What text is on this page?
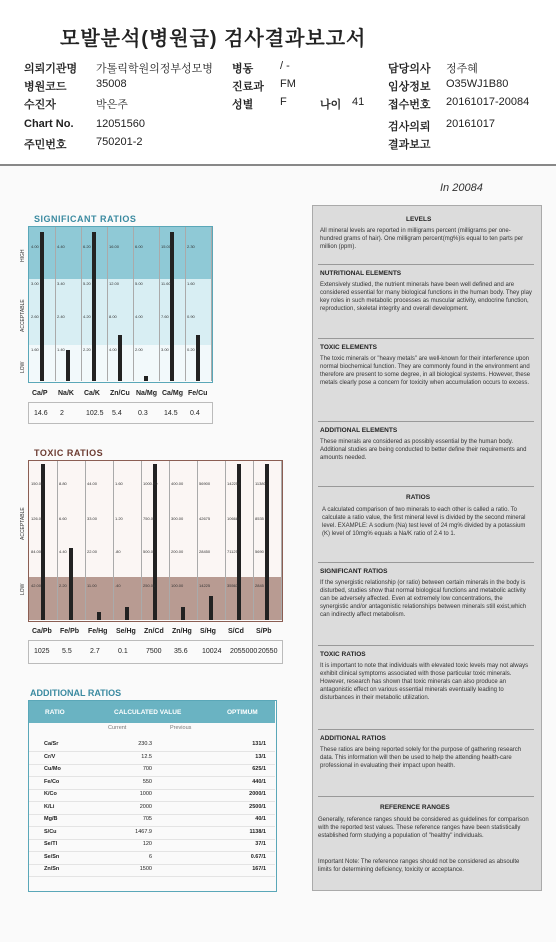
모발분석(병원급) 검사결과보고서
의뢰기관명 가톨릭학원의정부성모병 병동 / -	담당의사 정주혜
병원코드	35008	진료과 FM	임상정보 O35WJ1B80
수진자	박은주	성별 F	나이 41 접수번호 20161017-20084
Chart No. 12051560	검사의뢰 20161017
주민번호	750201-2	결과보고
In 20084
SIGNIFICANT RATIOS
HIGH
ACCEPTABLE
LOW
4.00
3.00
2.60
1.60
Ca/P
14.6
4.40
3.40
2.40
1.40
Na/K
2
6.20
5.20
4.20
2.20
Ca/K
102.5
16.00
12.00
8.00
4.00
Zn/Cu
5.4
6.00
5.00
4.00
2.00
Na/Mg
0.3
15.00
11.60
7.60
3.00
Ca/Mg
14.5
2.30
1.60
0.90
0.20
Fe/Cu
0.4
TOXIC RATIOS
ACCEPTABLE
LOW
150.00
126.00
84.00
42.00
Ca/Pb
1025
8.80
6.60
4.40
2.20
Fe/Pb
5.5
44.00
33.00
22.00
11.00
Fe/Hg
2.7
1.60
1.20
.80
.40
Se/Hg
0.1
1000.00
750.00
500.00
250.00
Zn/Cd
7500
400.00
300.00
200.00
100.00
Zn/Hg
35.6
56900
42675
28450
14225
S/Hg
10024
142250
106688
71125
35563
S/Cd
2055000
11380
8535
5690
2845
S/Pb
20550
ADDITIONAL RATIOS
RATIO	CALCULATED VALUE	OPTIMUM
Current	Previous
Ca/Sr	230.3	131/1
Cr/V	12.5	13/1
Cu/Mo	700	625/1
Fe/Co	550	440/1
K/Co	1000	2000/1
K/Li	2000	2500/1
Mg/B	705	40/1
S/Cu	1467.9	1138/1
Se/Tl	120	37/1
Se/Sn	6	0.67/1
Zn/Sn	1500	167/1
LEVELS
All mineral levels are reported in milligrams percent (milligrams per one-hundred grams of hair). One milligram percent(mg%)is equal to ten parts per million (ppm).
NUTRITIONAL ELEMENTS
Extensively studied, the nutrient minerals have been well defined and are considered essential for many biological functions in the human body. They play key roles in such metabolic processes as muscular activity, endocrine function, reproduction, skeletal integrity and overall development.
TOXIC ELEMENTS
The toxic minerals or "heavy metals" are well-known for their interference upon normal biochemical function. They are commonly found in the environment and therefore are present to some degree, in all biological systems. However, these metals clearly pose a concern for toxicity when accumulation occurs to excess.
ADDITIONAL ELEMENTS
These minerals are considered as possibly essential by the human body. Additional studies are being conducted to better define their requirements and amounts needed.
RATIOS
A calculated comparison of two minerals to each other is called a ratio. To calculate a ratio value, the first mineral level is divided by the second mineral level. EXAMPLE: A sodium (Na) test level of 24 mg% divided by a potassium (K) level of 10mg% equals a Na/K ratio of 2.4 to 1.
SIGNIFICANT RATIOS
If the synergistic relationship (or ratio) between certain minerals in the body is disturbed, studies show that normal biological functions and metabolic activity can be adversely affected. Even at extremely low concentrations, the synergistic and/or antagonistic relationships between minerals still exist,which can indirectly affect metabolism.
TOXIC RATIOS
It is important to note that individuals with elevated toxic levels may not always exhibit clinical symptoms associated with those particular toxic minerals. However, research has shown that toxic minerals can also produce an antagonistic effect on various essential minerals eventually leading to disturbances in their metabolic utilization.
ADDITIONAL RATIOS
These ratios are being reported solely for the purpose of gathering research data. This information will then be used to help the attending health-care professional in evaluating their impact upon health.
REFERENCE RANGES
Generally, reference ranges should be considered as guidelines for comparison with the reported test values. These reference ranges have been statistically established form studying a population of "healthy" individuals.
Important Note: The reference ranges should not be considered as absoulte limits for determining deficiency, toxicity or acceptance.
